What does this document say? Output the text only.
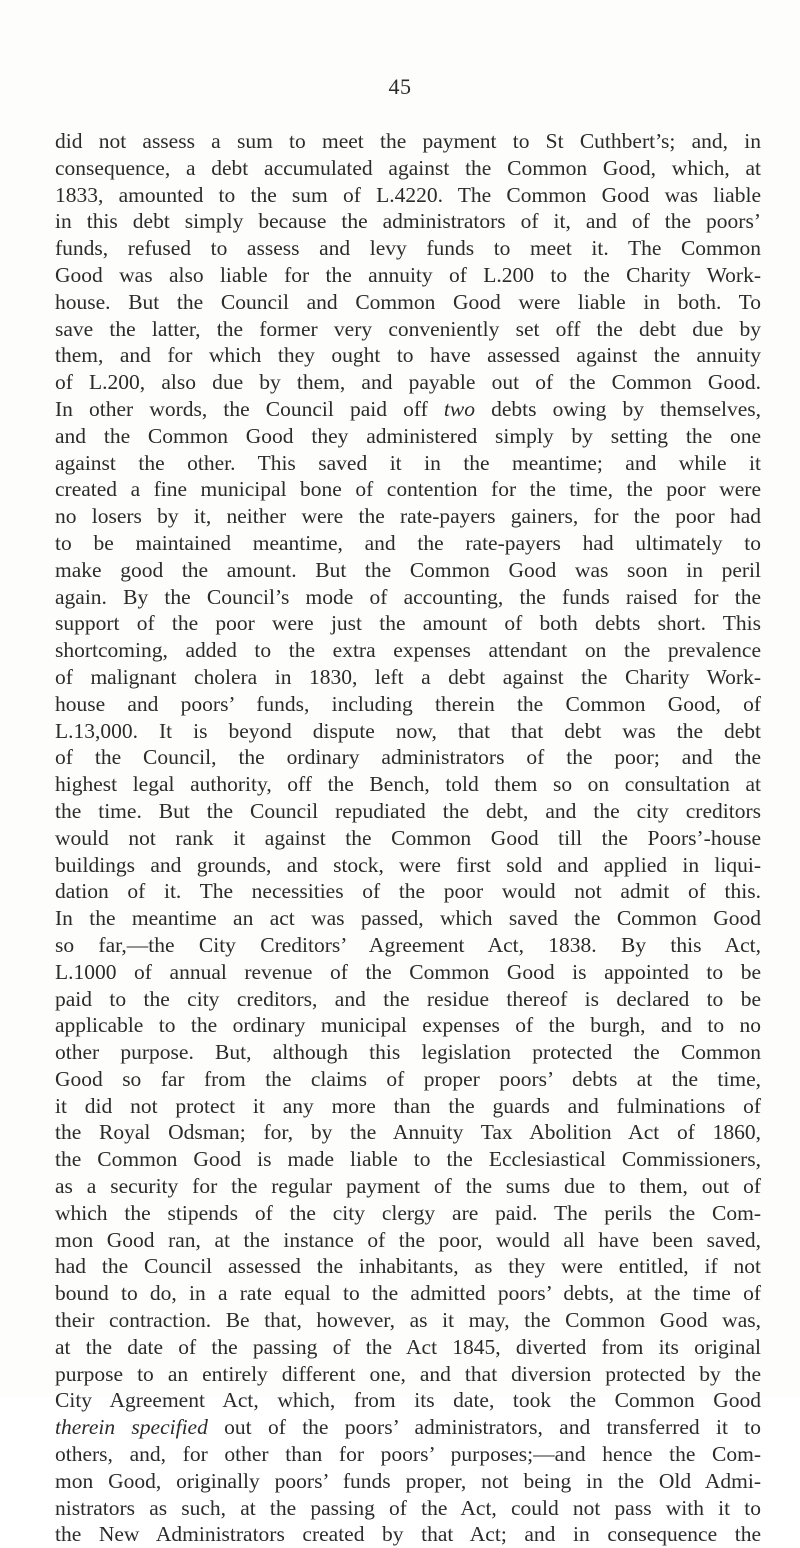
45
did not assess a sum to meet the payment to St Cuthbert’s; and, in
consequence, a debt accumulated against the Common Good, which, at
1833, amounted to the sum of L.4220. The Common Good was liable
in this debt simply because the administrators of it, and of the poors’
funds, refused to assess and levy funds to meet it. The Common
Good was also liable for the annuity of L.200 to the Charity Work-
house. But the Council and Common Good were liable in both. To
save the latter, the former very conveniently set off the debt due by
them, and for which they ought to have assessed against the annuity
of L.200, also due by them, and payable out of the Common Good.
In other words, the Council paid off two debts owing by themselves,
and the Common Good they administered simply by setting the one
against the other. This saved it in the meantime; and while it
created a fine municipal bone of contention for the time, the poor were
no losers by it, neither were the rate-payers gainers, for the poor had
to be maintained meantime, and the rate-payers had ultimately to
make good the amount. But the Common Good was soon in peril
again. By the Council’s mode of accounting, the funds raised for the
support of the poor were just the amount of both debts short. This
shortcoming, added to the extra expenses attendant on the prevalence
of malignant cholera in 1830, left a debt against the Charity Work-
house and poors’ funds, including therein the Common Good, of
L.13,000. It is beyond dispute now, that that debt was the debt
of the Council, the ordinary administrators of the poor; and the
highest legal authority, off the Bench, told them so on consultation at
the time. But the Council repudiated the debt, and the city creditors
would not rank it against the Common Good till the Poors’-house
buildings and grounds, and stock, were first sold and applied in liqui-
dation of it. The necessities of the poor would not admit of this.
In the meantime an act was passed, which saved the Common Good
so far,—the City Creditors’ Agreement Act, 1838. By this Act,
L.1000 of annual revenue of the Common Good is appointed to be
paid to the city creditors, and the residue thereof is declared to be
applicable to the ordinary municipal expenses of the burgh, and to no
other purpose. But, although this legislation protected the Common
Good so far from the claims of proper poors’ debts at the time,
it did not protect it any more than the guards and fulminations of
the Royal Odsman; for, by the Annuity Tax Abolition Act of 1860,
the Common Good is made liable to the Ecclesiastical Commissioners,
as a security for the regular payment of the sums due to them, out of
which the stipends of the city clergy are paid. The perils the Com-
mon Good ran, at the instance of the poor, would all have been saved,
had the Council assessed the inhabitants, as they were entitled, if not
bound to do, in a rate equal to the admitted poors’ debts, at the time of
their contraction. Be that, however, as it may, the Common Good was,
at the date of the passing of the Act 1845, diverted from its original
purpose to an entirely different one, and that diversion protected by the
City Agreement Act, which, from its date, took the Common Good
therein specified out of the poors’ administrators, and transferred it to
others, and, for other than for poors’ purposes;—and hence the Com-
mon Good, originally poors’ funds proper, not being in the Old Admi-
nistrators as such, at the passing of the Act, could not pass with it to
the New Administrators created by that Act; and in consequence the
